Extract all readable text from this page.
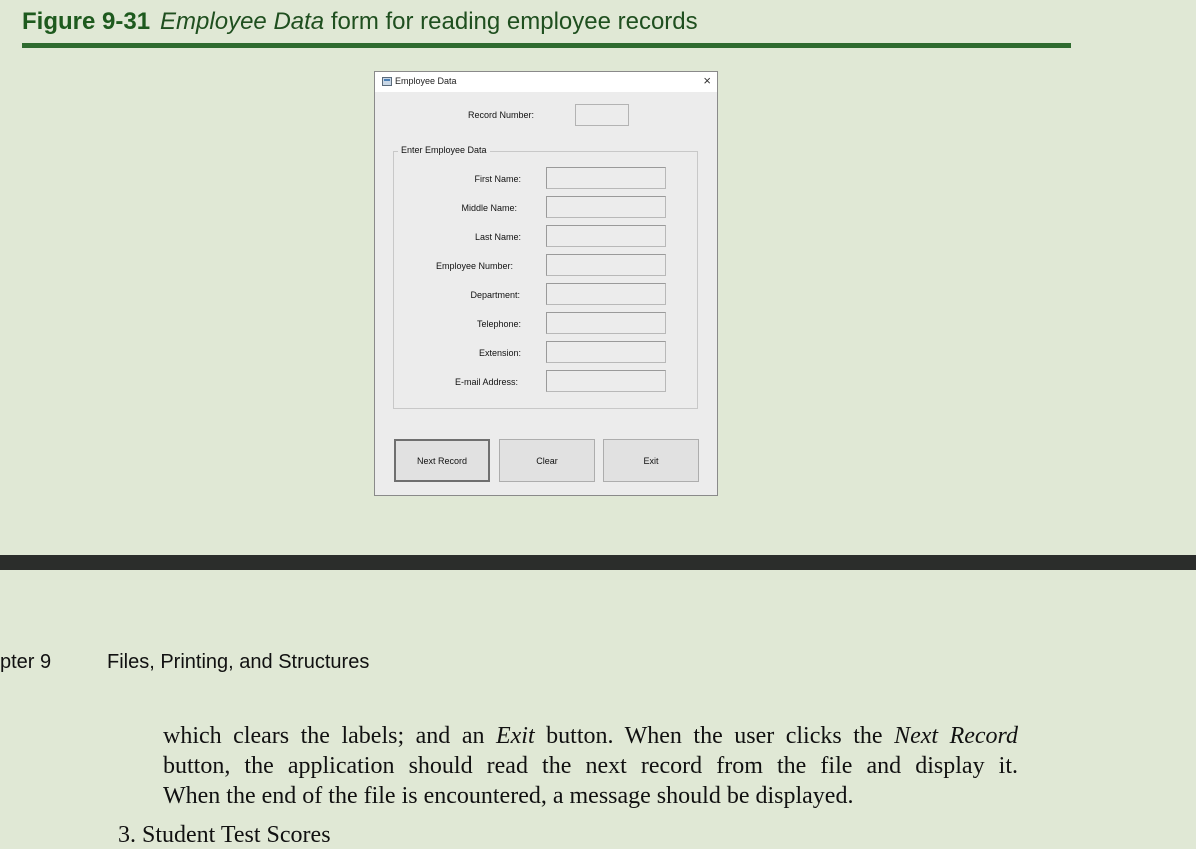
Figure 9-31 Employee Data form for reading employee records
Employee Data	×
Record Number:
Enter Employee Data
First Name:
Middle Name:
Last Name:
Employee Number:
Department:
Telephone:
Extension:
E-mail Address:
Next Record	Clear	Exit
pter 9	Files, Printing, and Structures
which clears the labels; and an Exit button. When the user clicks the Next Record
button, the application should read the next record from the file and display it.
When the end of the file is encountered, a message should be displayed.
3. Student Test Scores
